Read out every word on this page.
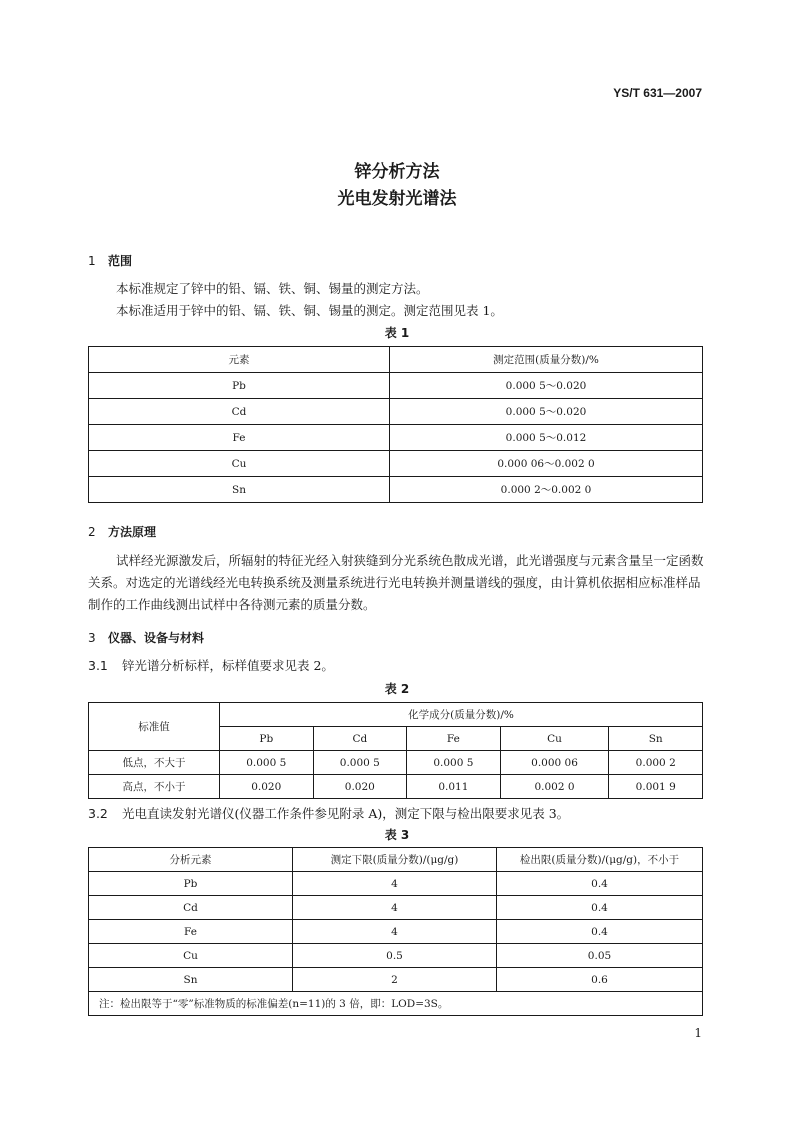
YS/T 631—2007
锌分析方法
光电发射光谱法
1 范围
本标准规定了锌中的铅、镉、铁、铜、锡量的测定方法。
本标准适用于锌中的铅、镉、铁、铜、锡量的测定。测定范围见表 1。
表 1
元素	测定范围(质量分数)/%
Pb	0.000 5～0.020
Cd	0.000 5～0.020
Fe	0.000 5～0.012
Cu	0.000 06～0.002 0
Sn	0.000 2～0.002 0
2 方法原理
试样经光源激发后，所辐射的特征光经入射狭缝到分光系统色散成光谱，此光谱强度与元素含量呈一定函数关系。对选定的光谱线经光电转换系统及测量系统进行光电转换并测量谱线的强度，由计算机依据相应标准样品制作的工作曲线测出试样中各待测元素的质量分数。
3 仪器、设备与材料
3.1 锌光谱分析标样，标样值要求见表 2。
表 2
标准值	化学成分(质量分数)/%				
	Pb	Cd	Fe	Cu	Sn
低点，不大于	0.000 5	0.000 5	0.000 5	0.000 06	0.000 2
高点，不小于	0.020	0.020	0.011	0.002 0	0.001 9
3.2 光电直读发射光谱仪(仪器工作条件参见附录 A)，测定下限与检出限要求见表 3。
表 3
分析元素	测定下限(质量分数)/(μg/g)	检出限(质量分数)/(μg/g)，不小于
Pb	4	0.4
Cd	4	0.4
Fe	4	0.4
Cu	0.5	0.05
Sn	2	0.6
注：检出限等于“零”标准物质的标准偏差(n=11)的 3 倍，即：LOD=3S。		
1
